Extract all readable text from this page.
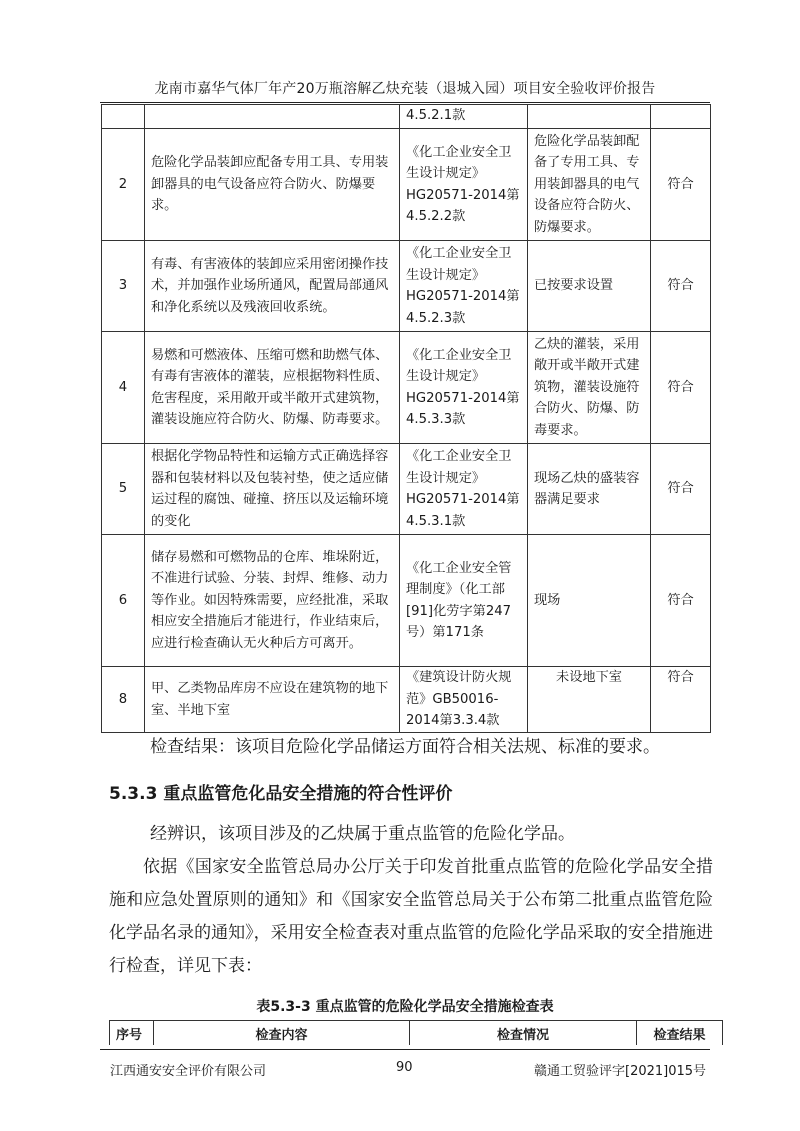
龙南市嘉华气体厂年产20万瓶溶解乙炔充装（退城入园）项目安全验收评价报告
		4.5.2.1款		
2	危险化学品装卸应配备专用工具、专用装卸器具的电气设备应符合防火、防爆要求。	《化工企业安全卫生设计规定》HG20571-2014第4.5.2.2款	危险化学品装卸配备了专用工具、专用装卸器具的电气设备应符合防火、防爆要求。	符合
3	有毒、有害液体的装卸应采用密闭操作技术，并加强作业场所通风，配置局部通风和净化系统以及残液回收系统。	《化工企业安全卫生设计规定》HG20571-2014第4.5.2.3款	已按要求设置	符合
4	易燃和可燃液体、压缩可燃和助燃气体、有毒有害液体的灌装，应根据物料性质、危害程度，采用敞开或半敞开式建筑物，灌装设施应符合防火、防爆、防毒要求。	《化工企业安全卫生设计规定》HG20571-2014第4.5.3.3款	乙炔的灌装，采用敞开或半敞开式建筑物，灌装设施符合防火、防爆、防毒要求。	符合
5	根据化学物品特性和运输方式正确选择容器和包装材料以及包装衬垫，使之适应储运过程的腐蚀、碰撞、挤压以及运输环境的变化	《化工企业安全卫生设计规定》HG20571-2014第4.5.3.1款	现场乙炔的盛装容器满足要求	符合
6	储存易燃和可燃物品的仓库、堆垛附近，不准进行试验、分装、封焊、维修、动力等作业。如因特殊需要，应经批准，采取相应安全措施后才能进行，作业结束后，应进行检查确认无火种后方可离开。	《化工企业安全管理制度》（化工部[91]化劳字第247号）第171条	现场	符合
8	甲、乙类物品库房不应设在建筑物的地下室、半地下室	《建筑设计防火规范》GB50016-2014第3.3.4款	未设地下室	符合
检查结果：该项目危险化学品储运方面符合相关法规、标准的要求。
5.3.3 重点监管危化品安全措施的符合性评价
经辨识，该项目涉及的乙炔属于重点监管的危险化学品。
依据《国家安全监管总局办公厅关于印发首批重点监管的危险化学品安全措施和应急处置原则的通知》和《国家安全监管总局关于公布第二批重点监管危险化学品名录的通知》，采用安全检查表对重点监管的危险化学品采取的安全措施进行检查，详见下表：
表5.3-3 重点监管的危险化学品安全措施检查表
序号	检查内容	检查情况	检查结果
江西通安安全评价有限公司	90	赣通工贸验评字[2021]015号
